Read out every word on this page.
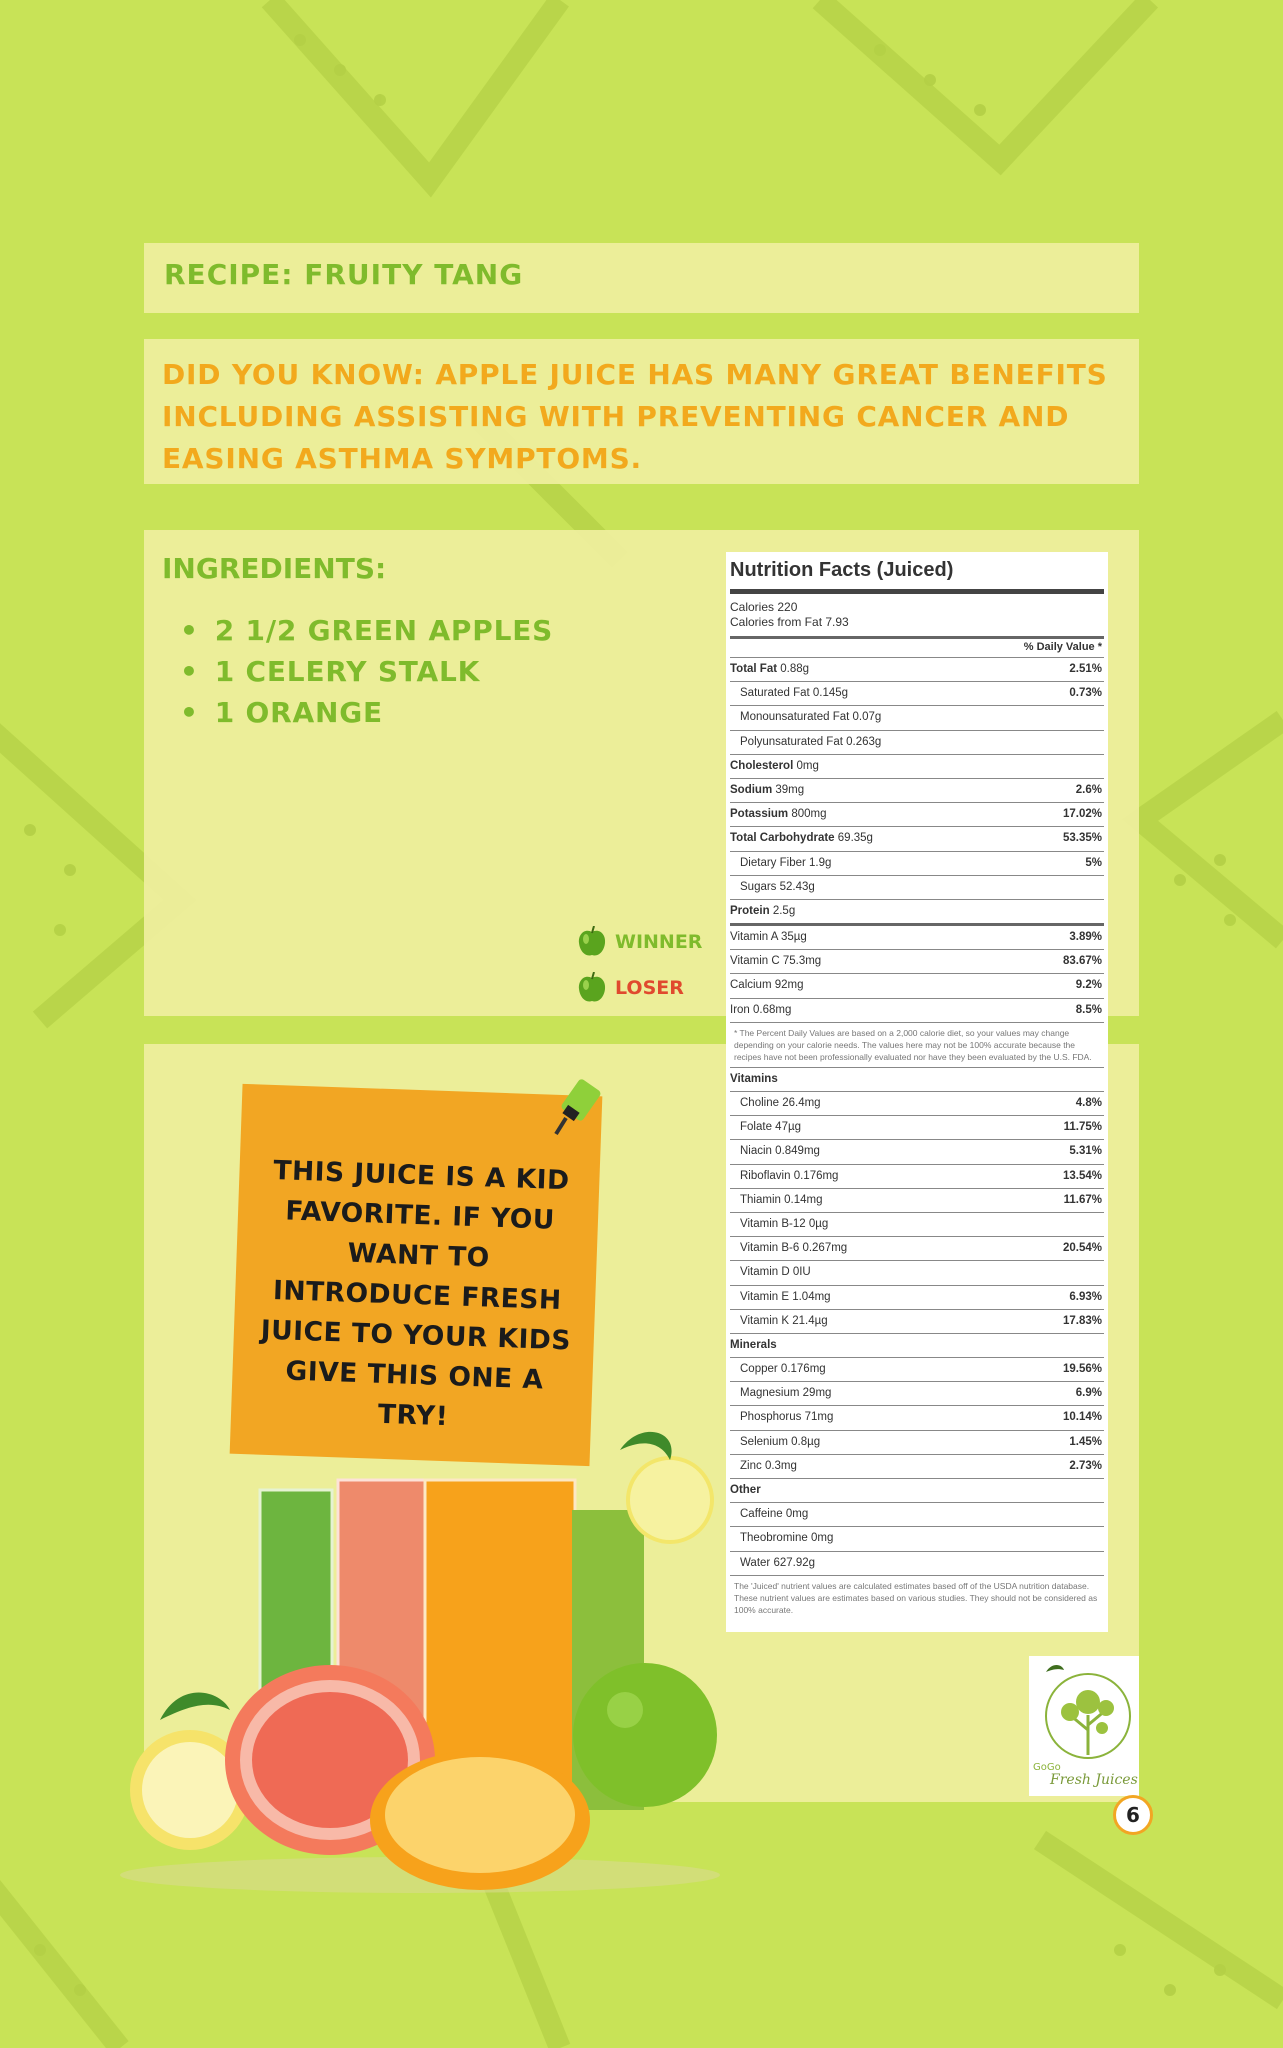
RECIPE: FRUITY TANG
DID YOU KNOW: APPLE JUICE HAS MANY GREAT BENEFITS INCLUDING ASSISTING WITH PREVENTING CANCER AND EASING ASTHMA SYMPTOMS.
INGREDIENTS:
• 2 1/2 GREEN APPLES
• 1 CELERY STALK
• 1 ORANGE
WINNER
LOSER
THIS JUICE IS A KID FAVORITE. IF YOU WANT TO INTRODUCE FRESH JUICE TO YOUR KIDS GIVE THIS ONE A TRY!
Nutrition Facts (Juiced)
Calories 220
Calories from Fat 7.93
% Daily Value *
Total Fat 0.88g	2.51%
Saturated Fat 0.145g	0.73%
Monounsaturated Fat 0.07g
Polyunsaturated Fat 0.263g
Cholesterol 0mg
Sodium 39mg	2.6%
Potassium 800mg	17.02%
Total Carbohydrate 69.35g	53.35%
Dietary Fiber 1.9g	5%
Sugars 52.43g
Protein 2.5g
Vitamin A 35µg	3.89%
Vitamin C 75.3mg	83.67%
Calcium 92mg	9.2%
Iron 0.68mg	8.5%
* The Percent Daily Values are based on a 2,000 calorie diet, so your values may change depending on your calorie needs. The values here may not be 100% accurate because the recipes have not been professionally evaluated nor have they been evaluated by the U.S. FDA.
Vitamins
Choline 26.4mg	4.8%
Folate 47µg	11.75%
Niacin 0.849mg	5.31%
Riboflavin 0.176mg	13.54%
Thiamin 0.14mg	11.67%
Vitamin B-12 0µg
Vitamin B-6 0.267mg	20.54%
Vitamin D 0IU
Vitamin E 1.04mg	6.93%
Vitamin K 21.4µg	17.83%
Minerals
Copper 0.176mg	19.56%
Magnesium 29mg	6.9%
Phosphorus 71mg	10.14%
Selenium 0.8µg	1.45%
Zinc 0.3mg	2.73%
Other
Caffeine 0mg
Theobromine 0mg
Water 627.92g
The 'Juiced' nutrient values are calculated estimates based off of the USDA nutrition database. These nutrient values are estimates based on various studies. They should not be considered as 100% accurate.
GoGo
Fresh Juices
6
